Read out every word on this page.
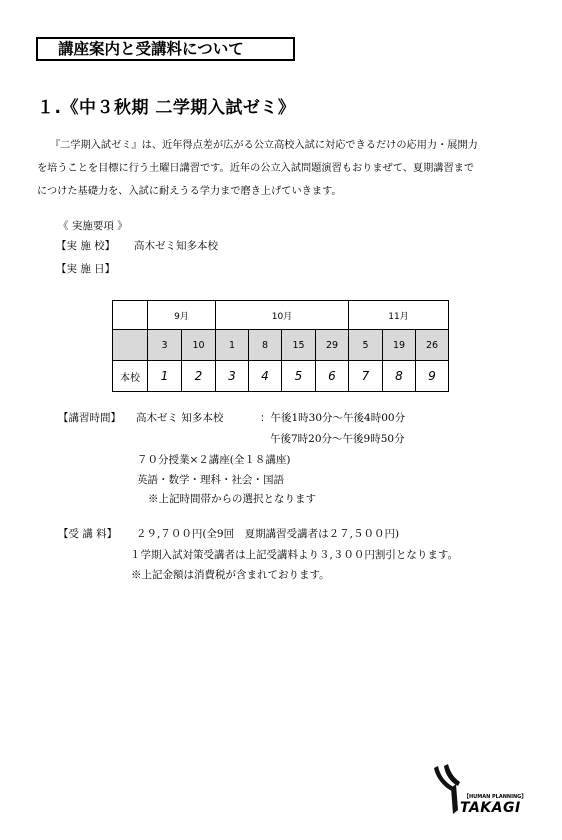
講座案内と受講料について
１.《中３秋期 二学期入試ゼミ》
『二学期入試ゼミ』は、近年得点差が広がる公立高校入試に対応できるだけの応用力・展開力
を培うことを目標に行う土曜日講習です。近年の公立入試問題演習もおりまぜて、夏期講習まで
につけた基礎力を、入試に耐えうる学力まで磨き上げていきます。
《 実施要項 》
【実 施 校】 高木ゼミ知多本校
【実 施 日】
	9月		10月				11月		
	3	10	1	8	15	29	5	19	26
本校	1	2	3	4	5	6	7	8	9
【講習時間】 高木ゼミ 知多本校	：午後1時30分～午後4時00分
午後7時20分～午後9時50分
７０分授業×２講座(全１８講座)
英語・数学・理科・社会・国語
※上記時間帯からの選択となります
【受 講 料】 ２９,７００円(全9回　夏期講習受講者は２７,５００円)
１学期入試対策受講者は上記受講料より３,３００円割引となります。
※上記金額は消費税が含まれております。
【HUMAN PLANNING】
TAKAGI
